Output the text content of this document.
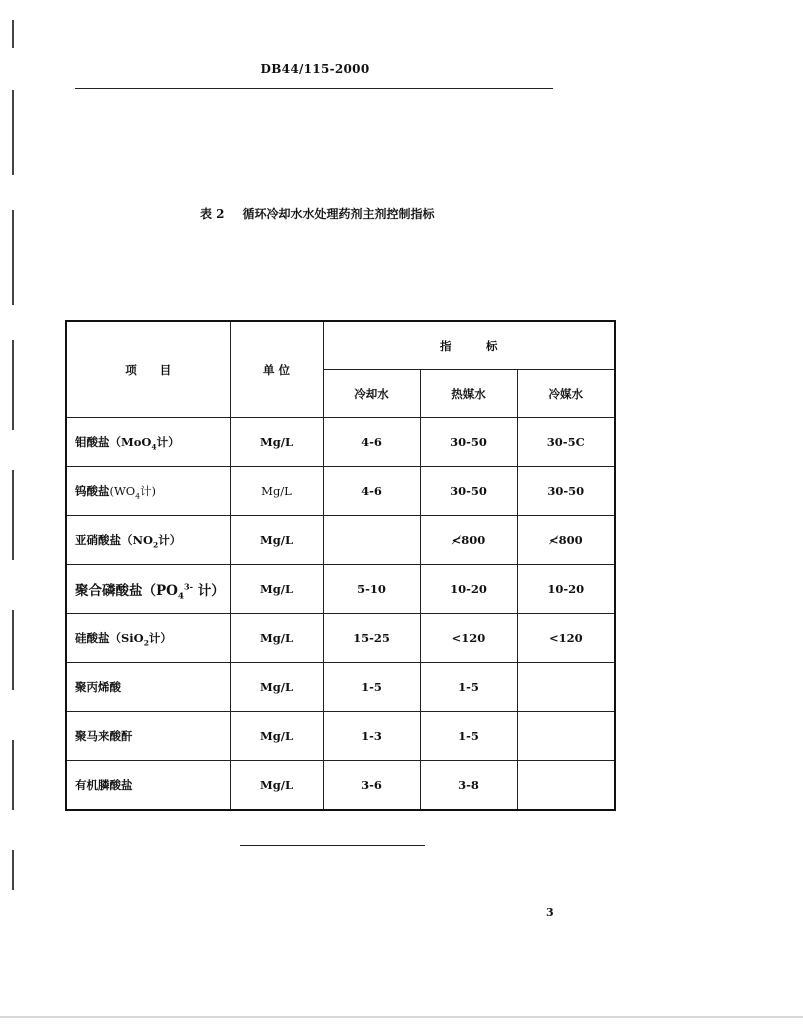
DB44/115-2000
表 2 循环冷却水水处理药剂主剂控制指标
项　　目	单 位	指　　　标		
		冷却水	热媒水	冷媒水
钼酸盐（MoO$_4$计）	Mg/L	4-6	30-50	30-5C
钨酸盐($WO_4$计)	Mg/L	4-6	30-50	30-50
亚硝酸盐（$NO_2$计）	Mg/L		≮800	≮800
聚合磷酸盐（$PO_4^{3-}$ 计）	Mg/L	5-10	10-20	10-20
硅酸盐（SiO$_2$计）	Mg/L	15-25	<120	<120
聚丙烯酸	Mg/L	1-5	1-5	
聚马来酸酐	Mg/L	1-3	1-5	
有机膦酸盐	Mg/L	3-6	3-8	
3
